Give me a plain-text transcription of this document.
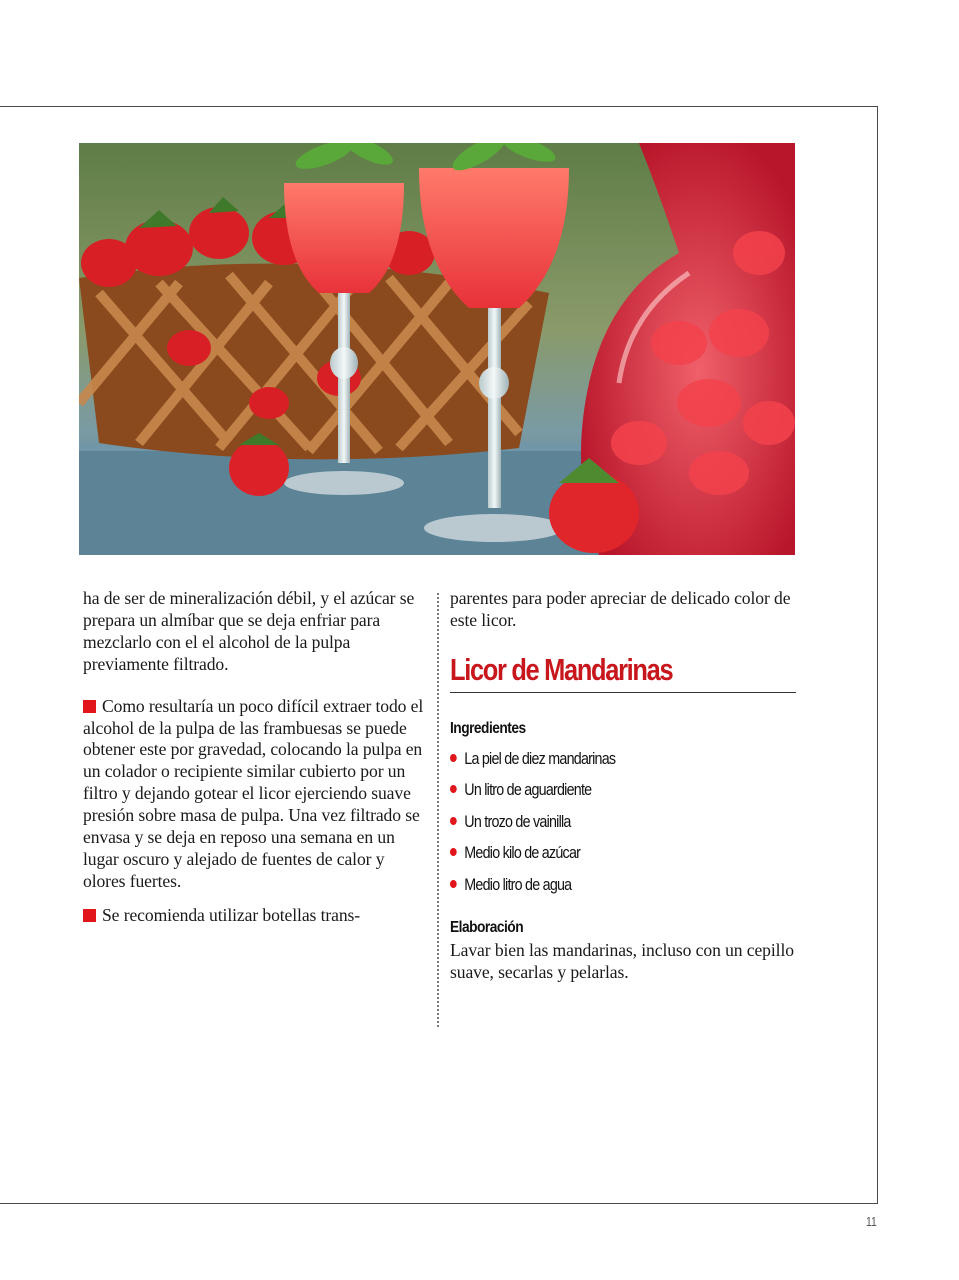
ha de ser de mineralización débil, y el azúcar se prepara un almíbar que se deja enfriar para mezclarlo con el el alcohol de la pulpa previamente filtrado.

Como resultaría un poco difícil extraer todo el alcohol de la pulpa de las frambuesas se puede obtener este por gravedad, colocando la pulpa en un colador o recipiente similar cubierto por un filtro y dejando gotear el licor ejerciendo suave presión sobre masa de pulpa. Una vez filtrado se envasa y se deja en reposo una semana en un lugar oscuro y alejado de fuentes de calor y olores fuertes.

Se recomienda utilizar botellas trans-

parentes para poder apreciar de delicado color de este licor.

Licor de Mandarinas
Ingredientes
La piel de diez mandarinas
Un litro de aguardiente
Un trozo de vainilla
Medio kilo de azúcar
Medio litro de agua
Elaboración

Lavar bien las mandarinas, incluso con un cepillo suave, secarlas y pelarlas.

11
